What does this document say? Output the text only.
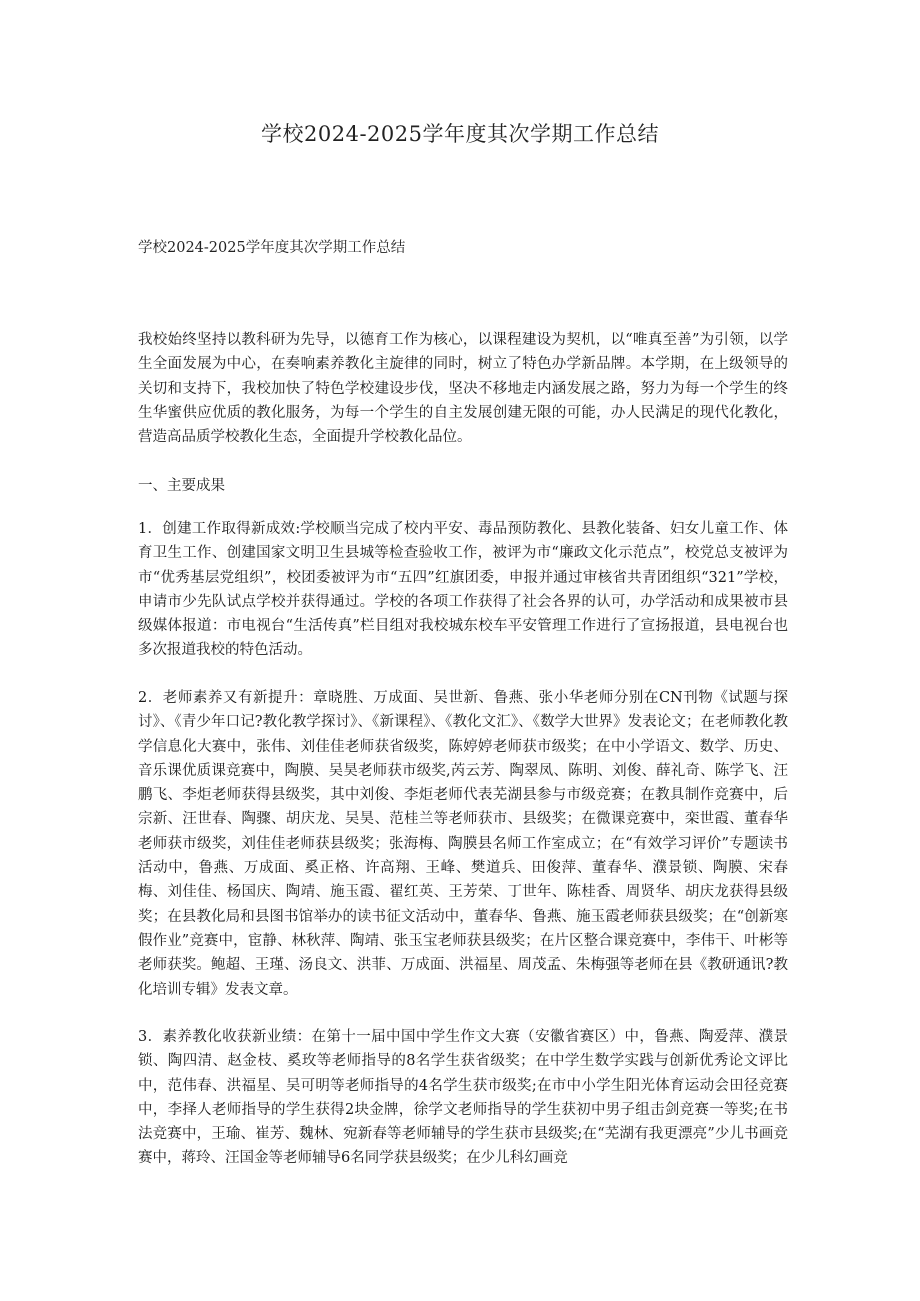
学校2024-2025学年度其次学期工作总结

学校2024-2025学年度其次学期工作总结

我校始终坚持以教科研为先导，以德育工作为核心，以课程建设为契机，以“唯真至善”为引领，以学生全面发展为中心，在奏响素养教化主旋律的同时，树立了特色办学新品牌。本学期，在上级领导的关切和支持下，我校加快了特色学校建设步伐，坚决不移地走内涵发展之路，努力为每一个学生的终生华蜜供应优质的教化服务，为每一个学生的自主发展创建无限的可能，办人民满足的现代化教化，营造高品质学校教化生态，全面提升学校教化品位。

一、主要成果

1．创建工作取得新成效:学校顺当完成了校内平安、毒品预防教化、县教化装备、妇女儿童工作、体育卫生工作、创建国家文明卫生县城等检查验收工作，被评为市“廉政文化示范点”，校党总支被评为市“优秀基层党组织”，校团委被评为市“五四”红旗团委，申报并通过审核省共青团组织“321”学校，申请市少先队试点学校并获得通过。学校的各项工作获得了社会各界的认可，办学活动和成果被市县级媒体报道：市电视台“生活传真”栏目组对我校城东校车平安管理工作进行了宣扬报道，县电视台也多次报道我校的特色活动。

2．老师素养又有新提升：章晓胜、万成面、吴世新、鲁燕、张小华老师分别在CN刊物《试题与探讨》、《青少年口记?教化教学探讨》、《新课程》、《教化文汇》、《数学大世界》发表论文；在老师教化教学信息化大赛中，张伟、刘佳佳老师获省级奖，陈婷婷老师获市级奖；在中小学语文、数学、历史、音乐课优质课竞赛中，陶膜、吴昊老师获市级奖,芮云芳、陶翠凤、陈明、刘俊、薛礼奇、陈学飞、汪鹏飞、李炬老师获得县级奖，其中刘俊、李炬老师代表芜湖县参与市级竞赛；在教具制作竞赛中，后宗新、汪世春、陶骤、胡庆龙、吴昊、范桂兰等老师获市、县级奖；在微课竞赛中，栾世霞、董春华老师获市级奖，刘佳佳老师获县级奖；张海梅、陶膜县名师工作室成立；在“有效学习评价”专题读书活动中，鲁燕、万成面、奚正格、许高翔、王峰、樊道兵、田俊萍、董春华、濮景锁、陶膜、宋春梅、刘佳佳、杨国庆、陶靖、施玉霞、翟红英、王芳荣、丁世年、陈桂香、周贤华、胡庆龙获得县级奖；在县教化局和县图书馆举办的读书征文活动中，董春华、鲁燕、施玉霞老师获县级奖；在“创新寒假作业”竞赛中，宦静、林秋萍、陶靖、张玉宝老师获县级奖；在片区整合课竞赛中，李伟干、叶彬等老师获奖。鲍超、王瑾、汤良文、洪菲、万成面、洪福星、周茂孟、朱梅强等老师在县《教研通讯?教化培训专辑》发表文章。

3．素养教化收获新业绩：在第十一届中国中学生作文大赛（安徽省赛区）中，鲁燕、陶爱萍、濮景锁、陶四清、赵金枝、奚玫等老师指导的8名学生获省级奖；在中学生数学实践与创新优秀论文评比中，范伟春、洪福星、吴可明等老师指导的4名学生获市级奖;在市中小学生阳光体育运动会田径竞赛中，李择人老师指导的学生获得2块金牌，徐学文老师指导的学生获初中男子组击剑竞赛一等奖;在书法竞赛中，王瑜、崔芳、魏林、宛新春等老师辅导的学生获市县级奖;在“芜湖有我更漂亮”少儿书画竞赛中，蒋玲、汪国金等老师辅导6名同学获县级奖；在少儿科幻画竞
